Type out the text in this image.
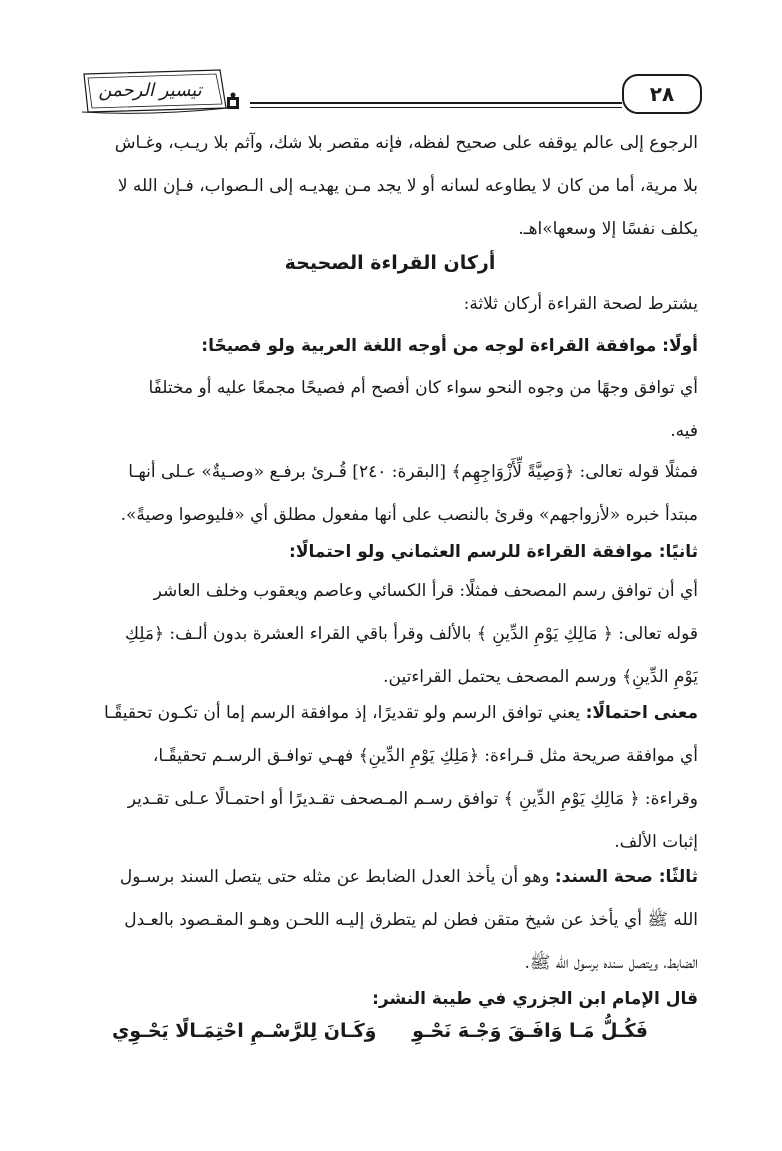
٢٨
تيسير الرحمن
الرجوع إلى عالم يوقفه على صحيح لفظه، فإنه مقصر بلا شك، وآثم بلا ريـب، وغـاش
بلا مرية، أما من كان لا يطاوعه لسانه أو لا يجد مـن يهديـه إلى الـصواب، فـإن الله لا
يكلف نفسًا إلا وسعها»اهـ.
أركان القراءة الصحيحة
يشترط لصحة القراءة أركان ثلاثة:
أولًا: موافقة القراءة لوجه من أوجه اللغة العربية ولو فصيحًا:
أي توافق وجهًا من وجوه النحو سواء كان أفصح أم فصيحًا مجمعًا عليه أو مختلفًا
فيه.
فمثلًا قوله تعالى: ﴿وَصِيَّةً لِّأَزْوَاجِهِم﴾ [البقرة: ٢٤٠] قُـرئ برفـع «وصـيةٌ» عـلى أنهـا
مبتدأ خبره «لأزواجهم» وقرئ بالنصب على أنها مفعول مطلق أي «فليوصوا وصيةً».
ثانيًا: موافقة القراءة للرسم العثماني ولو احتمالًا:
أي أن توافق رسم المصحف فمثلًا: قرأ الكسائي وعاصم ويعقوب وخلف العاشر
قوله تعالى: ﴿ مَالِكِ يَوْمِ الدِّينِ ﴾ بالألف وقرأ باقي القراء العشرة بدون ألـف: ﴿مَلِكِ
يَوْمِ الدِّينِ﴾ ورسم المصحف يحتمل القراءتين.
معنى احتمالًا: يعني توافق الرسم ولو تقديرًا، إذ موافقة الرسم إما أن تكـون تحقيقًـا
أي موافقة صريحة مثل قـراءة: ﴿مَلِكِ يَوْمِ الدِّينِ﴾ فهـي توافـق الرسـم تحقيقًـا،
وقراءة: ﴿ مَالِكِ يَوْمِ الدِّينِ ﴾ توافق رسـم المـصحف تقـديرًا أو احتمـالًا عـلى تقـدير
إثبات الألف.
ثالثًا: صحة السند: وهو أن يأخذ العدل الضابط عن مثله حتى يتصل السند برسـول
الله ﷺ أي يأخذ عن شيخ متقن فطن لم يتطرق إليـه اللحـن وهـو المقـصود بالعـدل
الضابط، ويتصل سنده برسول الله ﷺ.
قال الإمام ابن الجزري في طيبة النشر:
فَكُـلُّ مَـا وَافَـقَ وَجْـهَ نَحْـوِ
وَكَـانَ لِلرَّسْـمِ احْتِمَـالًا يَحْـوِي
